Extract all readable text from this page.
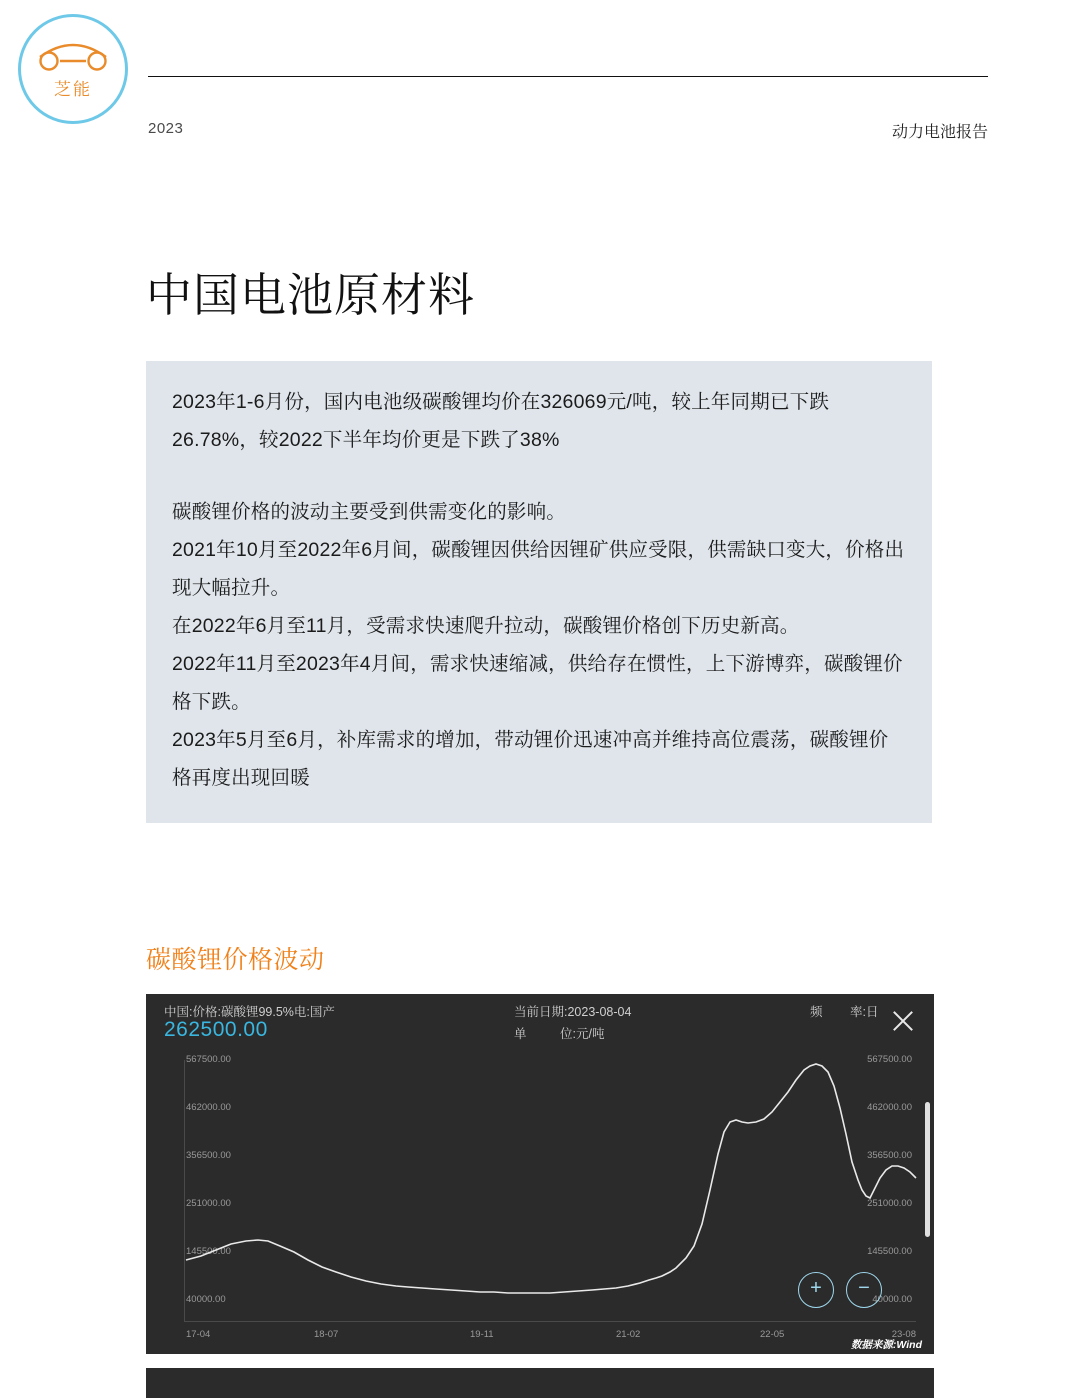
芝能
2023	动力电池报告
中国电池原材料

2023年1-6月份，国内电池级碳酸锂均价在326069元/吨，较上年同期已下跌26.78%，较2022下半年均价更是下跌了38%

碳酸锂价格的波动主要受到供需变化的影响。

2021年10月至2022年6月间，碳酸锂因供给因锂矿供应受限，供需缺口变大，价格出现大幅拉升。

在2022年6月至11月，受需求快速爬升拉动，碳酸锂价格创下历史新高。

2022年11月至2023年4月间，需求快速缩减，供给存在惯性，上下游博弈，碳酸锂价格下跌。

2023年5月至6月，补库需求的增加，带动锂价迅速冲高并维持高位震荡，碳酸锂价格再度出现回暖

碳酸锂价格波动
中国:价格:碳酸锂99.5%电:国产
262500.00
当前日期:2023-08-04
单	位:元/吨
频 率:日
567500.00
462000.00
356500.00
251000.00
145500.00
40000.00
567500.00
462000.00
356500.00
251000.00
145500.00
40000.00
17-04	18-07	19-11	21-02	22-05	23-08
+	−
数据来源:Wind
